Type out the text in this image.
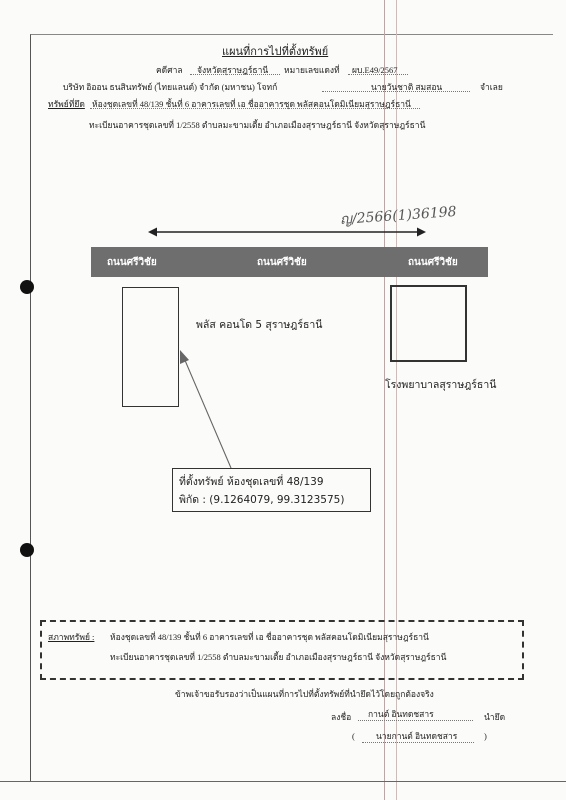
แผนที่การไปที่ตั้งทรัพย์
คดีศาล จังหวัดสุราษฎร์ธานี หมายเลขแดงที่ ผบ.E49/2567
บริษัท อิออน ธนสินทรัพย์ (ไทยแลนด์) จำกัด (มหาชน) โจทก์	นายวันชาติ สมสอน	จำเลย
ทรัพย์ที่ยึด ห้องชุดเลขที่ 48/139 ชั้นที่ 6 อาคารเลขที่ เอ ชื่ออาคารชุด พลัสคอนโดมิเนียมสุราษฎร์ธานี
ทะเบียนอาคารชุดเลขที่ 1/2558 ตำบลมะขามเตี้ย อำเภอเมืองสุราษฎร์ธานี จังหวัดสุราษฎร์ธานี
ญ/2566(1)36198
ถนนศรีวิชัย	ถนนศรีวิชัย	ถนนศรีวิชัย
พลัส คอนโด 5 สุราษฎร์ธานี
โรงพยาบาลสุราษฎร์ธานี
ที่ตั้งทรัพย์ ห้องชุดเลขที่ 48/139
พิกัด : (9.1264079, 99.3123575)
สภาพทรัพย์ : ห้องชุดเลขที่ 48/139 ชั้นที่ 6 อาคารเลขที่ เอ ชื่ออาคารชุด พลัสคอนโดมิเนียมสุราษฎร์ธานี
ทะเบียนอาคารชุดเลขที่ 1/2558 ตำบลมะขามเตี้ย อำเภอเมืองสุราษฎร์ธานี จังหวัดสุราษฎร์ธานี
ข้าพเจ้าขอรับรองว่าเป็นแผนที่การไปที่ตั้งทรัพย์ที่นำยึดไว้โดยถูกต้องจริง
ลงชื่อ กานต์ อินทดชสาร	นำยึด
( นายกานต์ อินทดชสาร	)
